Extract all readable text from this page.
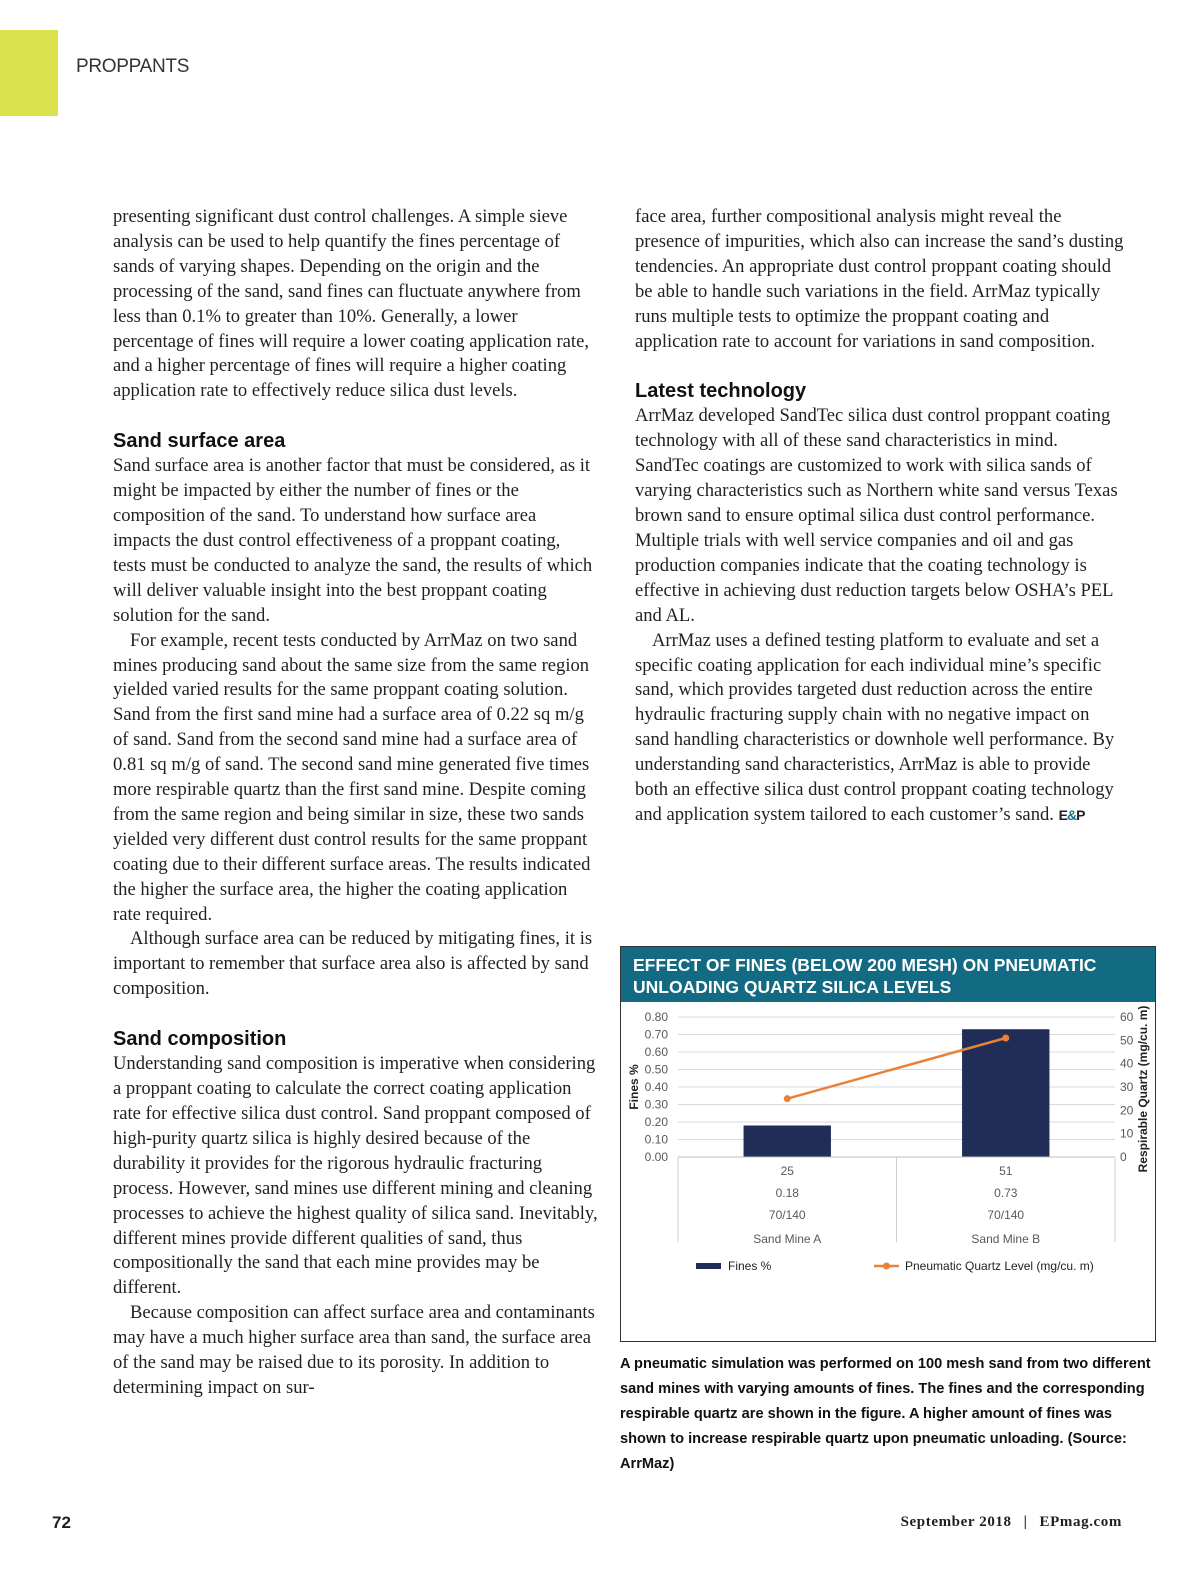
PROPPANTS

presenting significant dust control challenges. A simple sieve analysis can be used to help quantify the fines percentage of sands of varying shapes. Depending on the origin and the processing of the sand, sand fines can fluctuate anywhere from less than 0.1% to greater than 10%. Generally, a lower percentage of fines will require a lower coating application rate, and a higher percentage of fines will require a higher coating application rate to effectively reduce silica dust levels.

Sand surface area

Sand surface area is another factor that must be considered, as it might be impacted by either the number of fines or the composition of the sand. To understand how surface area impacts the dust control effectiveness of a proppant coating, tests must be conducted to analyze the sand, the results of which will deliver valuable insight into the best proppant coating solution for the sand.

For example, recent tests conducted by ArrMaz on two sand mines producing sand about the same size from the same region yielded varied results for the same proppant coating solution. Sand from the first sand mine had a surface area of 0.22 sq m/g of sand. Sand from the second sand mine had a surface area of 0.81 sq m/g of sand. The second sand mine generated five times more respirable quartz than the first sand mine. Despite coming from the same region and being similar in size, these two sands yielded very different dust control results for the same proppant coating due to their different surface areas. The results indicated the higher the surface area, the higher the coating application rate required.

Although surface area can be reduced by mitigating fines, it is important to remember that surface area also is affected by sand composition.

Sand composition

Understanding sand composition is imperative when considering a proppant coating to calculate the correct coating application rate for effective silica dust control. Sand proppant composed of high-purity quartz silica is highly desired because of the durability it provides for the rigorous hydraulic fracturing process. However, sand mines use different mining and cleaning processes to achieve the highest quality of silica sand. Inevitably, different mines provide different qualities of sand, thus compositionally the sand that each mine provides may be different.

Because composition can affect surface area and contaminants may have a much higher surface area than sand, the surface area of the sand may be raised due to its porosity. In addition to determining impact on sur-

face area, further compositional analysis might reveal the presence of impurities, which also can increase the sand’s dusting tendencies. An appropriate dust control proppant coating should be able to handle such variations in the field. ArrMaz typically runs multiple tests to optimize the proppant coating and application rate to account for variations in sand composition.

Latest technology

ArrMaz developed SandTec silica dust control proppant coating technology with all of these sand characteristics in mind. SandTec coatings are customized to work with silica sands of varying characteristics such as Northern white sand versus Texas brown sand to ensure optimal silica dust control performance. Multiple trials with well service companies and oil and gas production companies indicate that the coating technology is effective in achieving dust reduction targets below OSHA’s PEL and AL.

ArrMaz uses a defined testing platform to evaluate and set a specific coating application for each individual mine’s specific sand, which provides targeted dust reduction across the entire hydraulic fracturing supply chain with no negative impact on sand handling characteristics or downhole well performance. By understanding sand characteristics, ArrMaz is able to provide both an effective silica dust control proppant coating technology and application system tailored to each customer’s sand. E&P

EFFECT OF FINES (BELOW 200 MESH) ON PNEUMATIC UNLOADING QUARTZ SILICA LEVELS
0.00
0.10
0.20
0.30
0.40
0.50
0.60
0.70
0.80
0
10
20
30
40
50
60
Fines %	Respirable Quartz (mg/cu. m)
25	51
0.18	0.73
70/140	70/140
Sand Mine A	Sand Mine B
Fines %	Pneumatic Quartz Level (mg/cu. m)
A pneumatic simulation was performed on 100 mesh sand from two different sand mines with varying amounts of fines. The fines and the corresponding respirable quartz are shown in the figure. A higher amount of fines was shown to increase respirable quartz upon pneumatic unloading. (Source: ArrMaz)
72	September 2018 | EPmag.com
